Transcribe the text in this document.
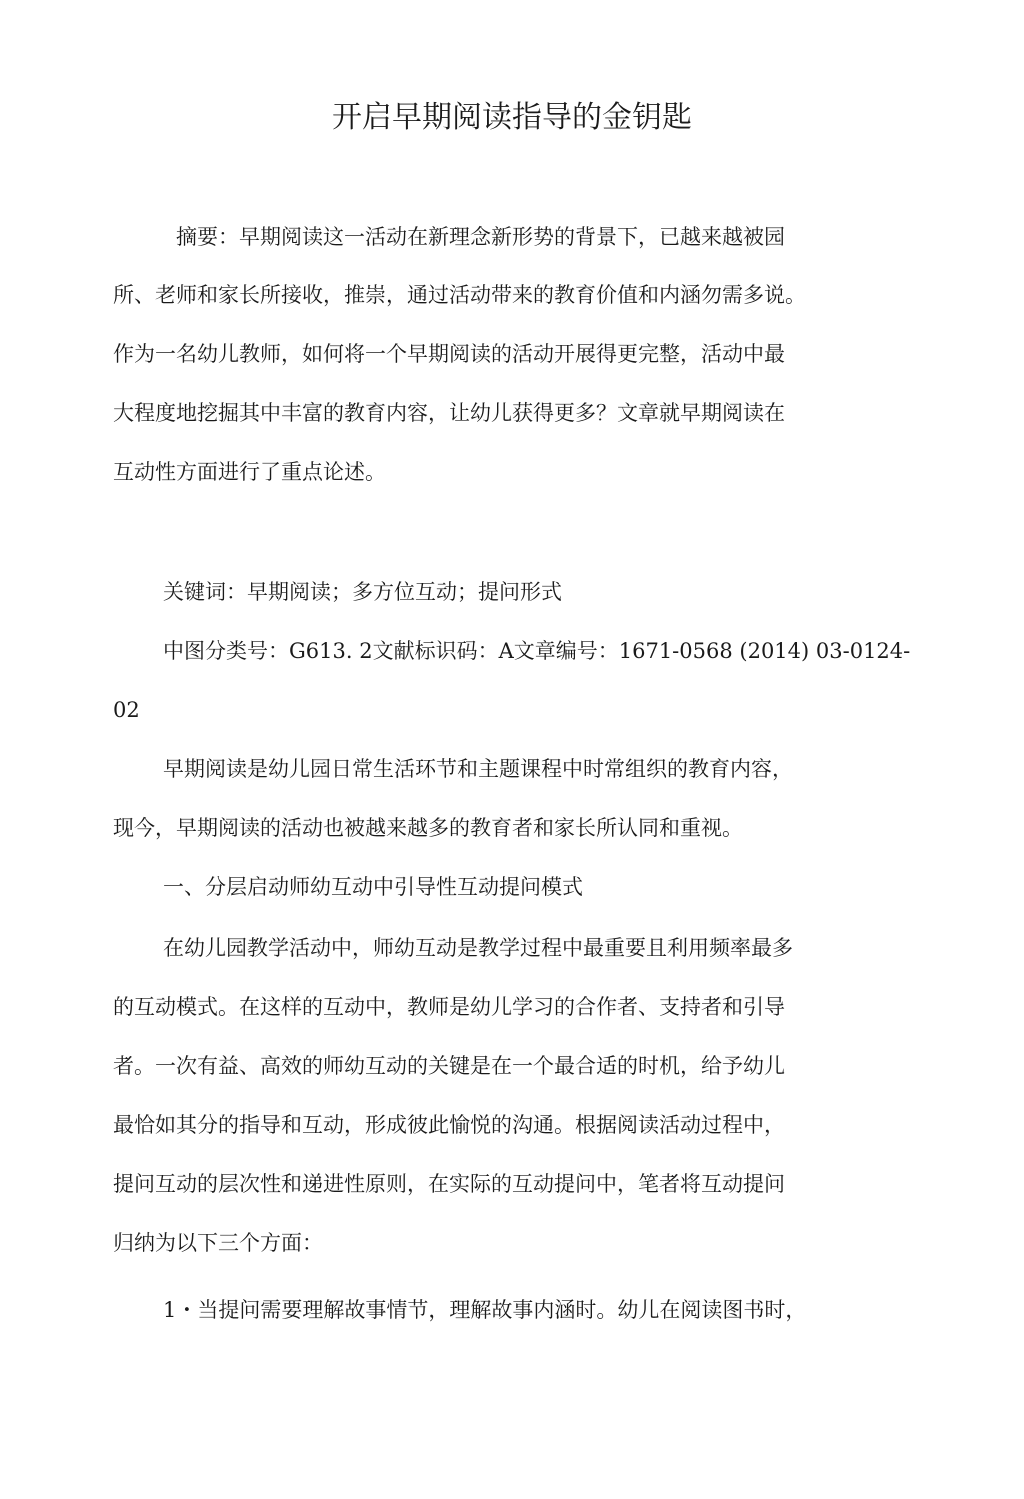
开启早期阅读指导的金钥匙

摘要：早期阅读这一活动在新理念新形势的背景下，已越来越被园

所、老师和家长所接收，推崇，通过活动带来的教育价值和内涵勿需多说。

作为一名幼儿教师，如何将一个早期阅读的活动开展得更完整，活动中最

大程度地挖掘其中丰富的教育内容，让幼儿获得更多？文章就早期阅读在

互动性方面进行了重点论述。

关键词：早期阅读；多方位互动；提问形式

中图分类号：G613. 2文献标识码：A文章编号：1671-0568 (2014) 03-0124-

02

早期阅读是幼儿园日常生活环节和主题课程中时常组织的教育内容，

现今，早期阅读的活动也被越来越多的教育者和家长所认同和重视。

一、分层启动师幼互动中引导性互动提问模式

在幼儿园教学活动中，师幼互动是教学过程中最重要且利用频率最多

的互动模式。在这样的互动中，教师是幼儿学习的合作者、支持者和引导

者。一次有益、高效的师幼互动的关键是在一个最合适的时机，给予幼儿

最恰如其分的指导和互动，形成彼此愉悦的沟通。根据阅读活动过程中，

提问互动的层次性和递进性原则，在实际的互动提问中，笔者将互动提问

归纳为以下三个方面：

1・当提问需要理解故事情节，理解故事内涵时。幼儿在阅读图书时，
